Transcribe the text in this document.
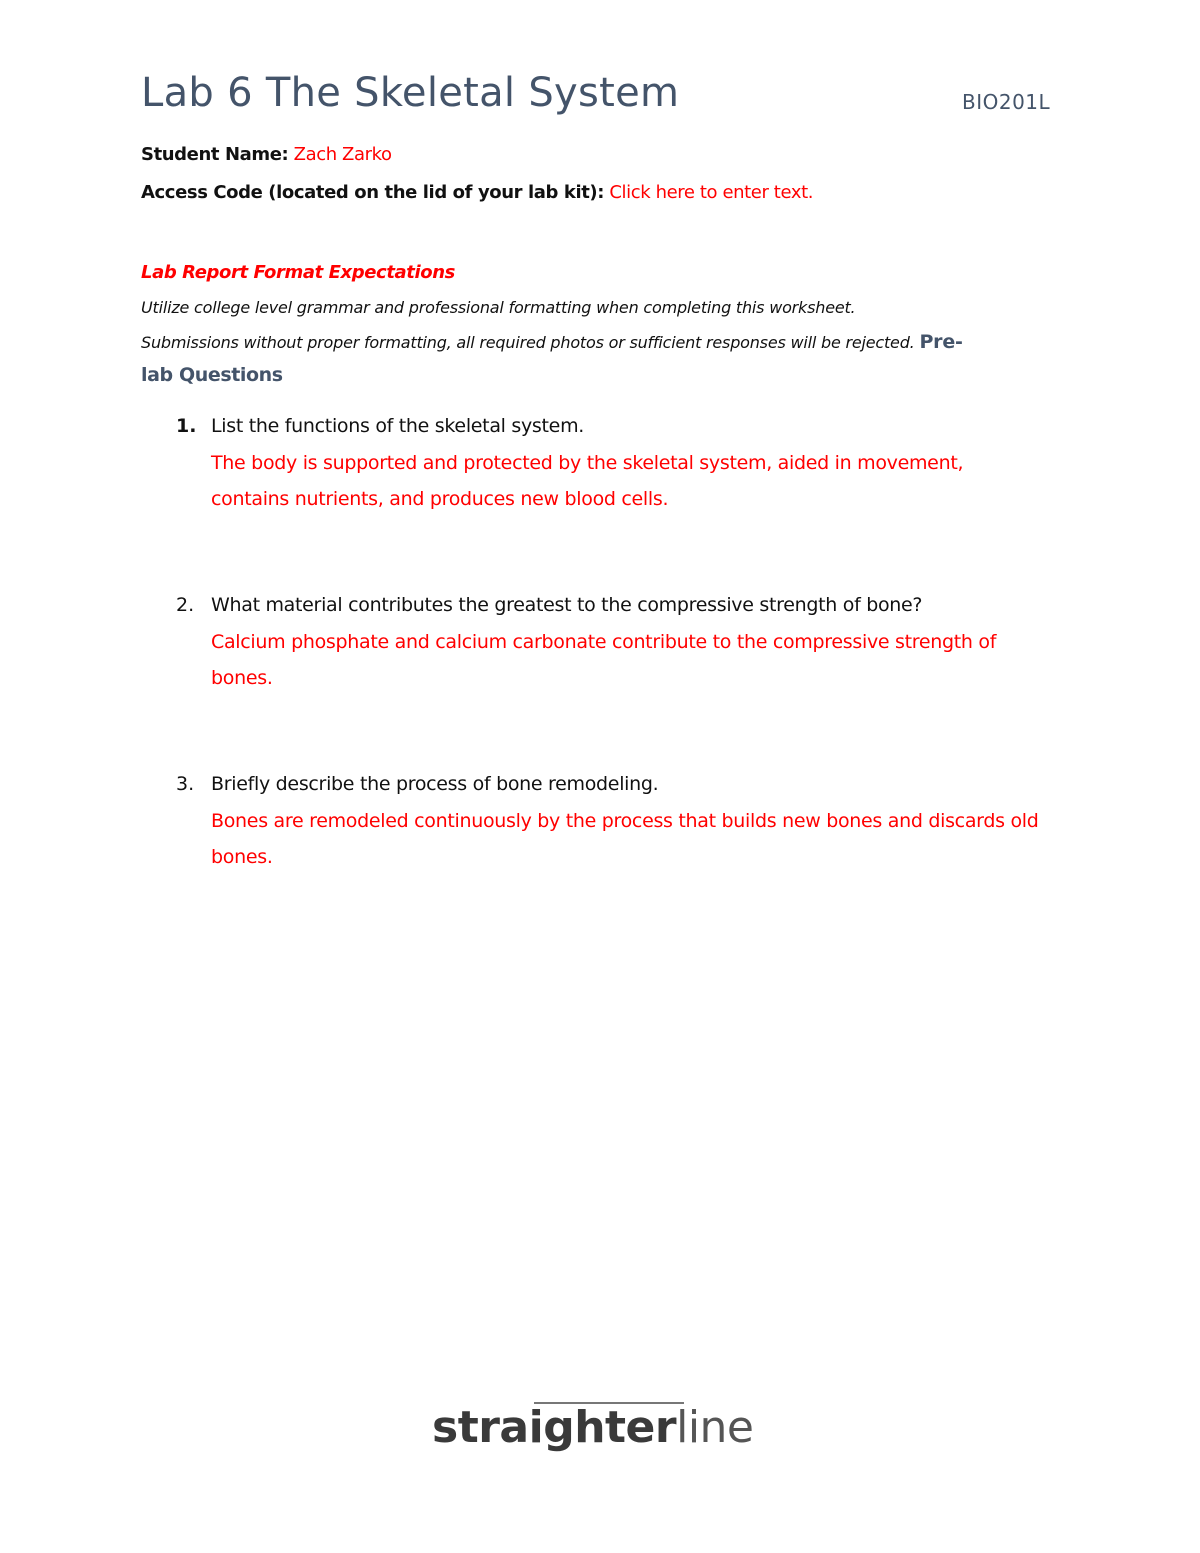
Lab 6 The Skeletal System	BIO201L
Student Name: Zach Zarko
Access Code (located on the lid of your lab kit): Click here to enter text.
Lab Report Format Expectations
Utilize college level grammar and professional formatting when completing this worksheet.
Submissions without proper formatting, all required photos or sufficient responses will be rejected. Pre-
lab Questions
1. List the functions of the skeletal system.
The body is supported and protected by the skeletal system, aided in movement, contains nutrients, and produces new blood cells.
2. What material contributes the greatest to the compressive strength of bone?
Calcium phosphate and calcium carbonate contribute to the compressive strength of bones.
3. Briefly describe the process of bone remodeling.
Bones are remodeled continuously by the process that builds new bones and discards old bones.
straighterline
